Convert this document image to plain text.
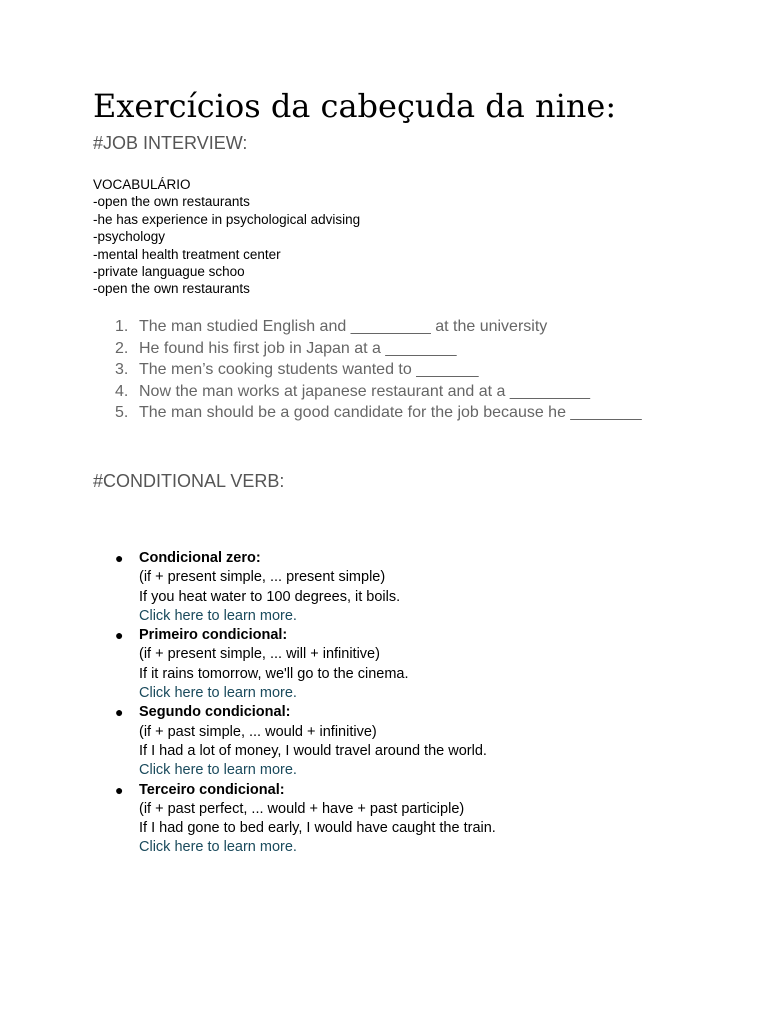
Exercícios da cabeçuda da nine:
#JOB INTERVIEW:
VOCABULÁRIO
-open the own restaurants
-he has experience in psychological advising
-psychology
-mental health treatment center
-private languague schoo
-open the own restaurants
1. The man studied English and _________ at the university
2. He found his first job in Japan at a ________
3. The men’s cooking students wanted to _______
4. Now the man works at japanese restaurant and at a _________
5. The man should be a good candidate for the job because he ________
#CONDITIONAL VERB:
● Condicional zero:
(if + present simple, ... present simple)
If you heat water to 100 degrees, it boils.
Click here to learn more.
● Primeiro condicional:
(if + present simple, ... will + infinitive)
If it rains tomorrow, we'll go to the cinema.
Click here to learn more.
● Segundo condicional:
(if + past simple, ... would + infinitive)
If I had a lot of money, I would travel around the world.
Click here to learn more.
● Terceiro condicional:
(if + past perfect, ... would + have + past participle)
If I had gone to bed early, I would have caught the train.
Click here to learn more.
